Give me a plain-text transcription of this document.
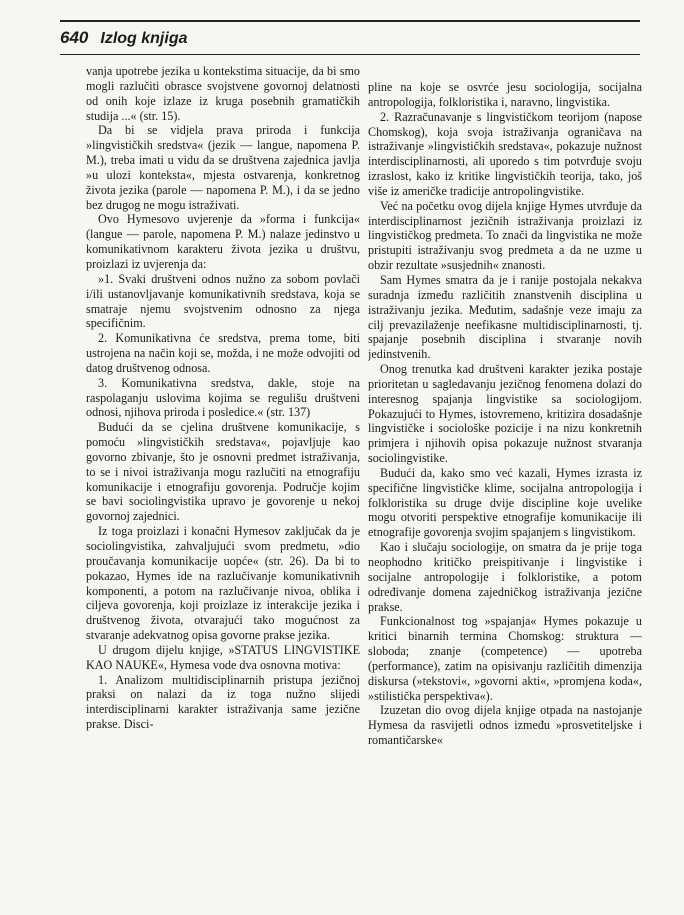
640 Izlog knjiga

vanja upotrebe jezika u kontekstima situacije, da bi smo mogli razlučiti obrasce svojstvene govornoj delatnosti od onih koje izlaze iz kruga posebnih gramatičkih studija ...« (str. 15).

Da bi se vidjela prava priroda i funkcija »lingvističkih sredstva« (jezik — langue, napomena P. M.), treba imati u vidu da se društvena zajednica javlja »u ulozi konteksta«, mjesta ostvarenja, konkretnog života jezika (parole — napomena P. M.), i da se jedno bez drugog ne mogu istraživati.

Ovo Hymesovo uvjerenje da »forma i funkcija« (langue — parole, napomena P. M.) nalaze jedinstvo u komunikativnom karakteru života jezika u društvu, proizlazi iz uvjerenja da:

»1. Svaki društveni odnos nužno za sobom povlači i/ili ustanovljavanje komunikativnih sredstava, koja se smatraje njemu svojstvenim odnosno za njega specifičnim.

2. Komunikativna će sredstva, prema tome, biti ustrojena na način koji se, možda, i ne može odvojiti od datog društvenog odnosa.

3. Komunikativna sredstva, dakle, stoje na raspolaganju uslovima kojima se regulišu društveni odnosi, njihova priroda i posledice.« (str. 137)

Budući da se cjelina društvene komunikacije, s pomoću »lingvističkih sredstava«, pojavljuje kao govorno zbivanje, što je osnovni predmet istraživanja, to se i nivoi istraživanja mogu razlučiti na etnografiju komunikacije i etnografiju govorenja. Područje kojim se bavi sociolingvistika upravo je govorenje u nekoj govornoj zajednici.

Iz toga proizlazi i konačni Hymesov zaključak da je sociolingvistika, zahvaljujući svom predmetu, »dio proučavanja komunikacije uopće« (str. 26). Da bi to pokazao, Hymes ide na razlučivanje komunikativnih komponenti, a potom na razlučivanje nivoa, oblika i ciljeva govorenja, koji proizlaze iz interakcije jezika i društvenog života, otvarajući tako mogućnost za stvaranje adekvatnog opisa govorne prakse jezika.

U drugom dijelu knjige, »STATUS LINGVISTIKE KAO NAUKE«, Hymesa vode dva osnovna motiva:

1. Analizom multidisciplinarnih pristupa jezičnoj praksi on nalazi da iz toga nužno slijedi interdisciplinarni karakter istraživanja same jezične prakse. Disci-

pline na koje se osvrće jesu sociologija, socijalna antropologija, folkloristika i, naravno, lingvistika.

2. Razračunavanje s lingvističkom teorijom (napose Chomskog), koja svoja istraživanja ograničava na istraživanje »lingvističkih sredstava«, pokazuje nužnost interdisciplinarnosti, ali uporedo s tim potvrđuje svoju izraslost, kako iz kritike lingvističkih teorija, tako, još više iz američke tradicije antropolingvistike.

Već na početku ovog dijela knjige Hymes utvrđuje da interdisciplinarnost jezičnih istraživanja proizlazi iz lingvističkog predmeta. To znači da lingvistika ne može pristupiti istraživanju svog predmeta a da ne uzme u obzir rezultate »susjednih« znanosti.

Sam Hymes smatra da je i ranije postojala nekakva suradnja između različitih znanstvenih disciplina u istraživanju jezika. Međutim, sadašnje veze imaju za cilj prevazilaženje neefikasne multidisciplinarnosti, tj. spajanje posebnih disciplina i stvaranje novih jedinstvenih.

Onog trenutka kad društveni karakter jezika postaje prioritetan u sagledavanju jezičnog fenomena dolazi do interesnog spajanja lingvistike sa sociologijom. Pokazujući to Hymes, istovremeno, kritizira dosadašnje lingvističke i sociološke pozicije i na nizu konkretnih primjera i njihovih opisa pokazuje nužnost stvaranja sociolingvistike.

Budući da, kako smo već kazali, Hymes izrasta iz specifične lingvističke klime, socijalna antropologija i folkloristika su druge dvije discipline koje uvelike mogu otvoriti perspektive etnografije komunikacije ili etnografije govorenja svojim spajanjem s lingvistikom.

Kao i slučaju sociologije, on smatra da je prije toga neophodno kritičko preispitivanje i lingvistike i socijalne antropologije i folkloristike, a potom određivanje domena zajedničkog istraživanja jezične prakse.

Funkcionalnost tog »spajanja« Hymes pokazuje u kritici binarnih termina Chomskog: struktura — sloboda; znanje (competence) — upotreba (performance), zatim na opisivanju različitih dimenzija diskursa (»tekstovi«, »govorni akti«, »promjena koda«, »stilistička perspektiva«).

Izuzetan dio ovog dijela knjige otpada na nastojanje Hymesa da rasvijetli odnos između »prosvetiteljske i romantičarske«
